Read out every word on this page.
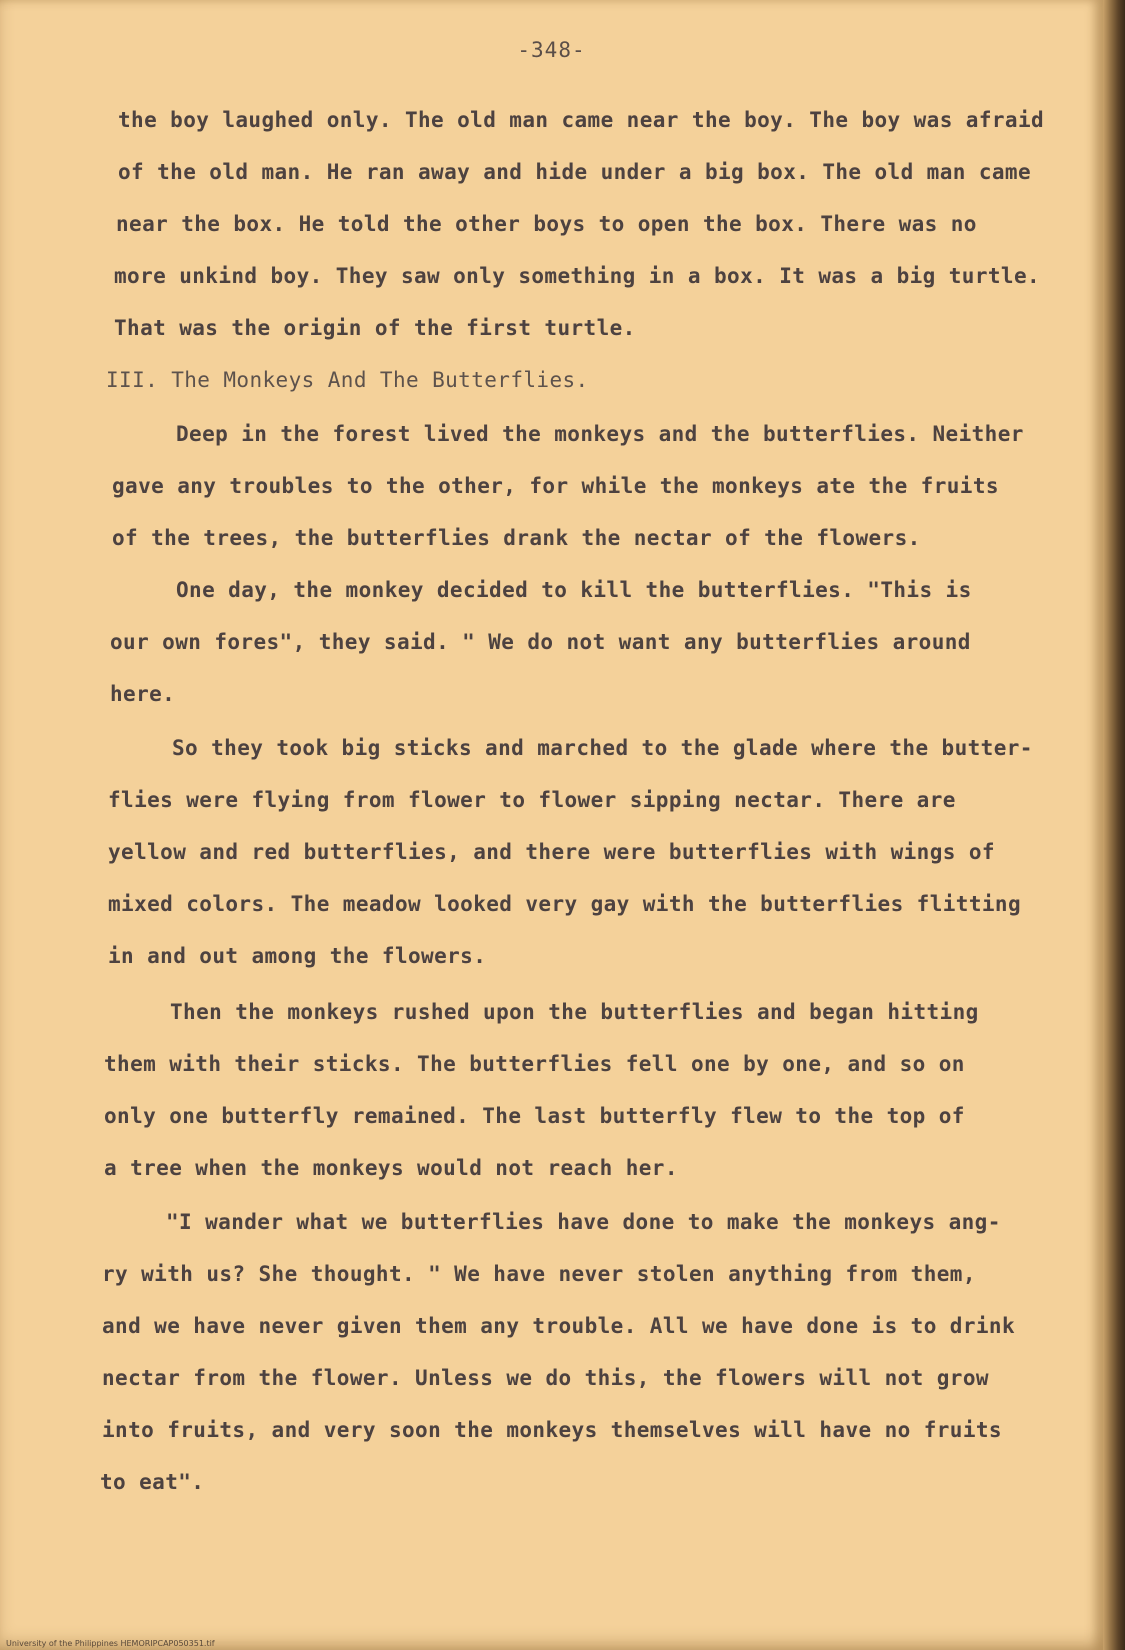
-348-
the boy laughed only. The old man came near the boy. The boy was afraid
of the old man. He ran away and hide under a big box. The old man came
near the box. He told the other boys to open the box. There was no
more unkind boy. They saw only something in a box. It was a big turtle.
That was the origin of the first turtle.
III. The Monkeys And The Butterflies.
Deep in the forest lived the monkeys and the butterflies. Neither
gave any troubles to the other, for while the monkeys ate the fruits
of the trees, the butterflies drank the nectar of the flowers.
One day, the monkey decided to kill the butterflies. "This is
our own fores", they said. " We do not want any butterflies around
here.
So they took big sticks and marched to the glade where the butter-
flies were flying from flower to flower sipping nectar. There are
yellow and red butterflies, and there were butterflies with wings of
mixed colors. The meadow looked very gay with the butterflies flitting
in and out among the flowers.
Then the monkeys rushed upon the butterflies and began hitting
them with their sticks. The butterflies fell one by one, and so on
only one butterfly remained. The last butterfly flew to the top of
a tree when the monkeys would not reach her.
"I wander what we butterflies have done to make the monkeys ang-
ry with us? She thought. " We have never stolen anything from them,
and we have never given them any trouble. All we have done is to drink
nectar from the flower. Unless we do this, the flowers will not grow
into fruits, and very soon the monkeys themselves will have no fruits
to eat".
University of the Philippines HEMORIPCAP050351.tif
